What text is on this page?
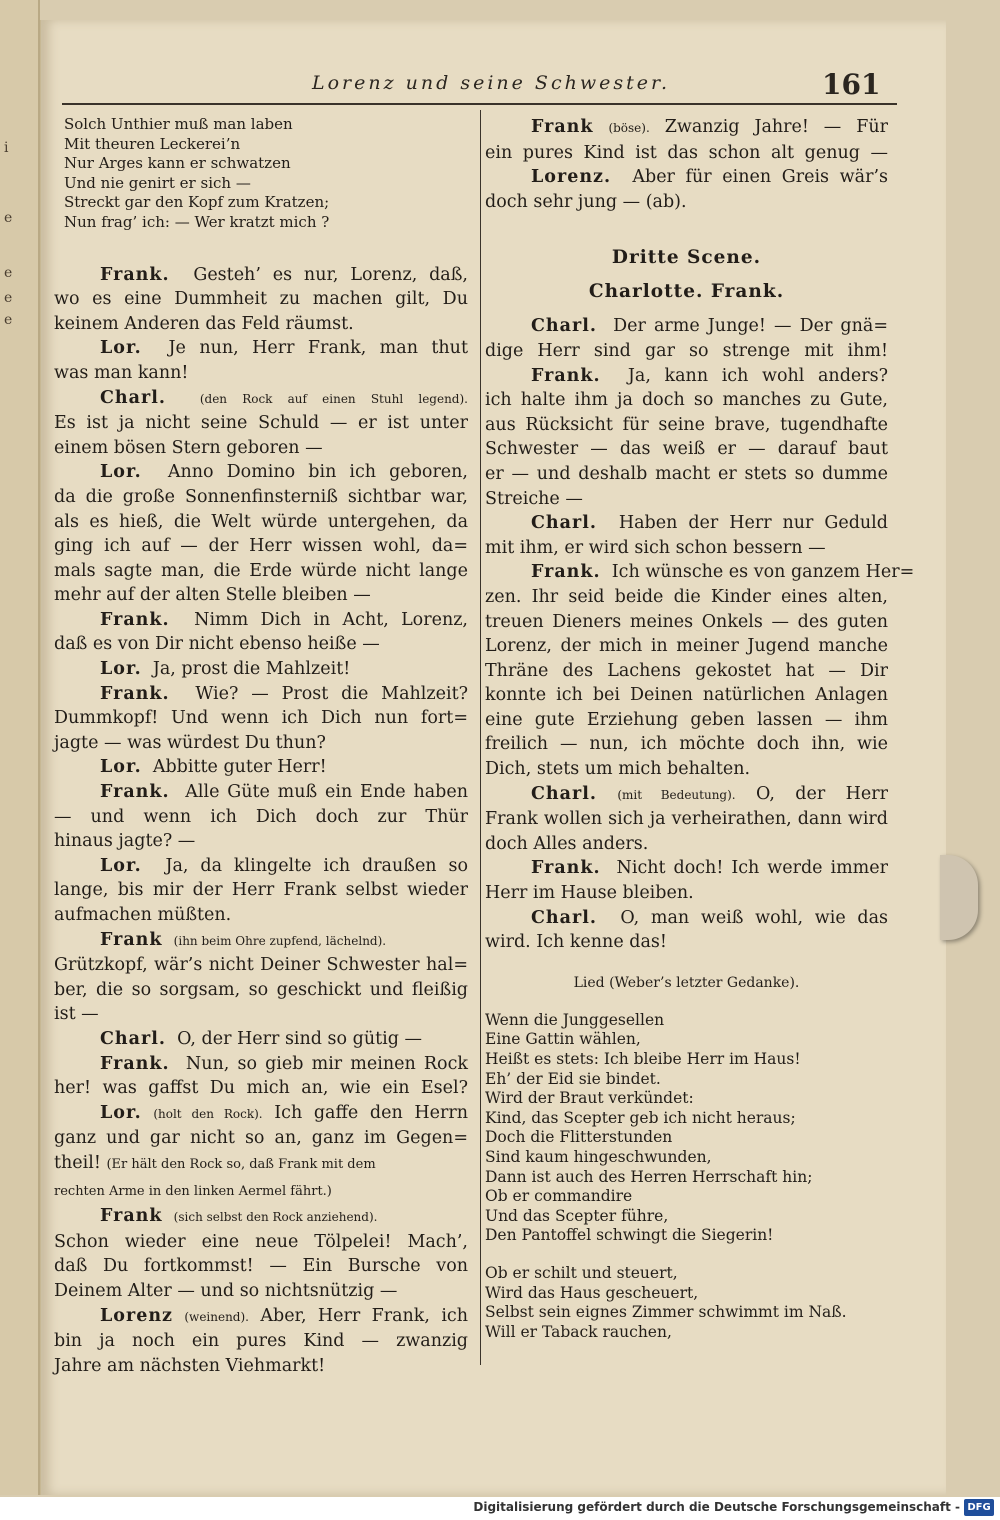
i
e
e
e
e
Lorenz und seine Schwester.	161
Solch Unthier muß man laben
Mit theuren Leckerei’n
Nur Arges kann er schwatzen
Und nie genirt er sich —
Streckt gar den Kopf zum Kratzen;
Nun frag’ ich: — Wer kratzt mich ?
Frank. Gesteh’ es nur, Lorenz, daß,
wo es eine Dummheit zu machen gilt, Du
keinem Anderen das Feld räumst.
Lor. Je nun, Herr Frank, man thut
was man kann!
Charl.	(den Rock auf einen Stuhl legend).
Es ist ja nicht seine Schuld — er ist unter
einem bösen Stern geboren —
Lor. Anno Domino bin ich geboren,
da die große Sonnenfinsterniß sichtbar war,
als es hieß, die Welt würde untergehen, da
ging ich auf — der Herr wissen wohl, da=
mals sagte man, die Erde würde nicht lange
mehr auf der alten Stelle bleiben —
Frank. Nimm Dich in Acht, Lorenz,
daß es von Dir nicht ebenso heiße —
Lor. Ja, prost die Mahlzeit!
Frank. Wie? — Prost die Mahlzeit?
Dummkopf! Und wenn ich Dich nun fort=
jagte — was würdest Du thun?
Lor. Abbitte guter Herr!
Frank. Alle Güte muß ein Ende haben
— und wenn ich Dich doch zur Thür
hinaus jagte? —
Lor. Ja, da klingelte ich draußen so
lange, bis mir der Herr Frank selbst wieder
aufmachen müßten.
Frank (ihn beim Ohre zupfend, lächelnd).
Grützkopf, wär’s nicht Deiner Schwester hal=
ber, die so sorgsam, so geschickt und fleißig
ist —
Charl. O, der Herr sind so gütig —
Frank. Nun, so gieb mir meinen Rock
her! was gaffst Du mich an, wie ein Esel?
Lor. (holt den Rock). Ich gaffe den Herrn
ganz und gar nicht so an, ganz im Gegen=
theil! (Er hält den Rock so, daß Frank mit dem
rechten Arme in den linken Aermel fährt.)
Frank (sich selbst den Rock anziehend).
Schon wieder eine neue Tölpelei! Mach’,
daß Du fortkommst! — Ein Bursche von
Deinem Alter — und so nichtsnützig —
Lorenz (weinend). Aber, Herr Frank, ich
bin ja noch ein pures Kind — zwanzig
Jahre am nächsten Viehmarkt!
Frank (böse). Zwanzig Jahre! — Für
ein pures Kind ist das schon alt genug —
Lorenz. Aber für einen Greis wär’s
doch sehr jung — (ab).
Dritte Scene.
Charlotte. Frank.
Charl. Der arme Junge! — Der gnä=
dige Herr sind gar so strenge mit ihm!
Frank. Ja, kann ich wohl anders?
ich halte ihm ja doch so manches zu Gute,
aus Rücksicht für seine brave, tugendhafte
Schwester — das weiß er — darauf baut
er — und deshalb macht er stets so dumme
Streiche —
Charl. Haben der Herr nur Geduld
mit ihm, er wird sich schon bessern —
Frank. Ich wünsche es von ganzem Her=
zen. Ihr seid beide die Kinder eines alten,
treuen Dieners meines Onkels — des guten
Lorenz, der mich in meiner Jugend manche
Thräne des Lachens gekostet hat — Dir
konnte ich bei Deinen natürlichen Anlagen
eine gute Erziehung geben lassen — ihm
freilich — nun, ich möchte doch ihn, wie
Dich, stets um mich behalten.
Charl. (mit Bedeutung). O, der Herr
Frank wollen sich ja verheirathen, dann wird
doch Alles anders.
Frank. Nicht doch! Ich werde immer
Herr im Hause bleiben.
Charl. O, man weiß wohl, wie das
wird. Ich kenne das!
Lied (Weber’s letzter Gedanke).
Wenn die Junggesellen
Eine Gattin wählen,
Heißt es stets: Ich bleibe Herr im Haus!
Eh’ der Eid sie bindet.
Wird der Braut verkündet:
Kind, das Scepter geb ich nicht heraus;
Doch die Flitterstunden
Sind kaum hingeschwunden,
Dann ist auch des Herren Herrschaft hin;
Ob er commandire
Und das Scepter führe,
Den Pantoffel schwingt die Siegerin!
Ob er schilt und steuert,
Wird das Haus gescheuert,
Selbst sein eignes Zimmer schwimmt im Naß.
Will er Taback rauchen,
Digitalisierung gefördert durch die Deutsche Forschungsgemeinschaft - DFG
